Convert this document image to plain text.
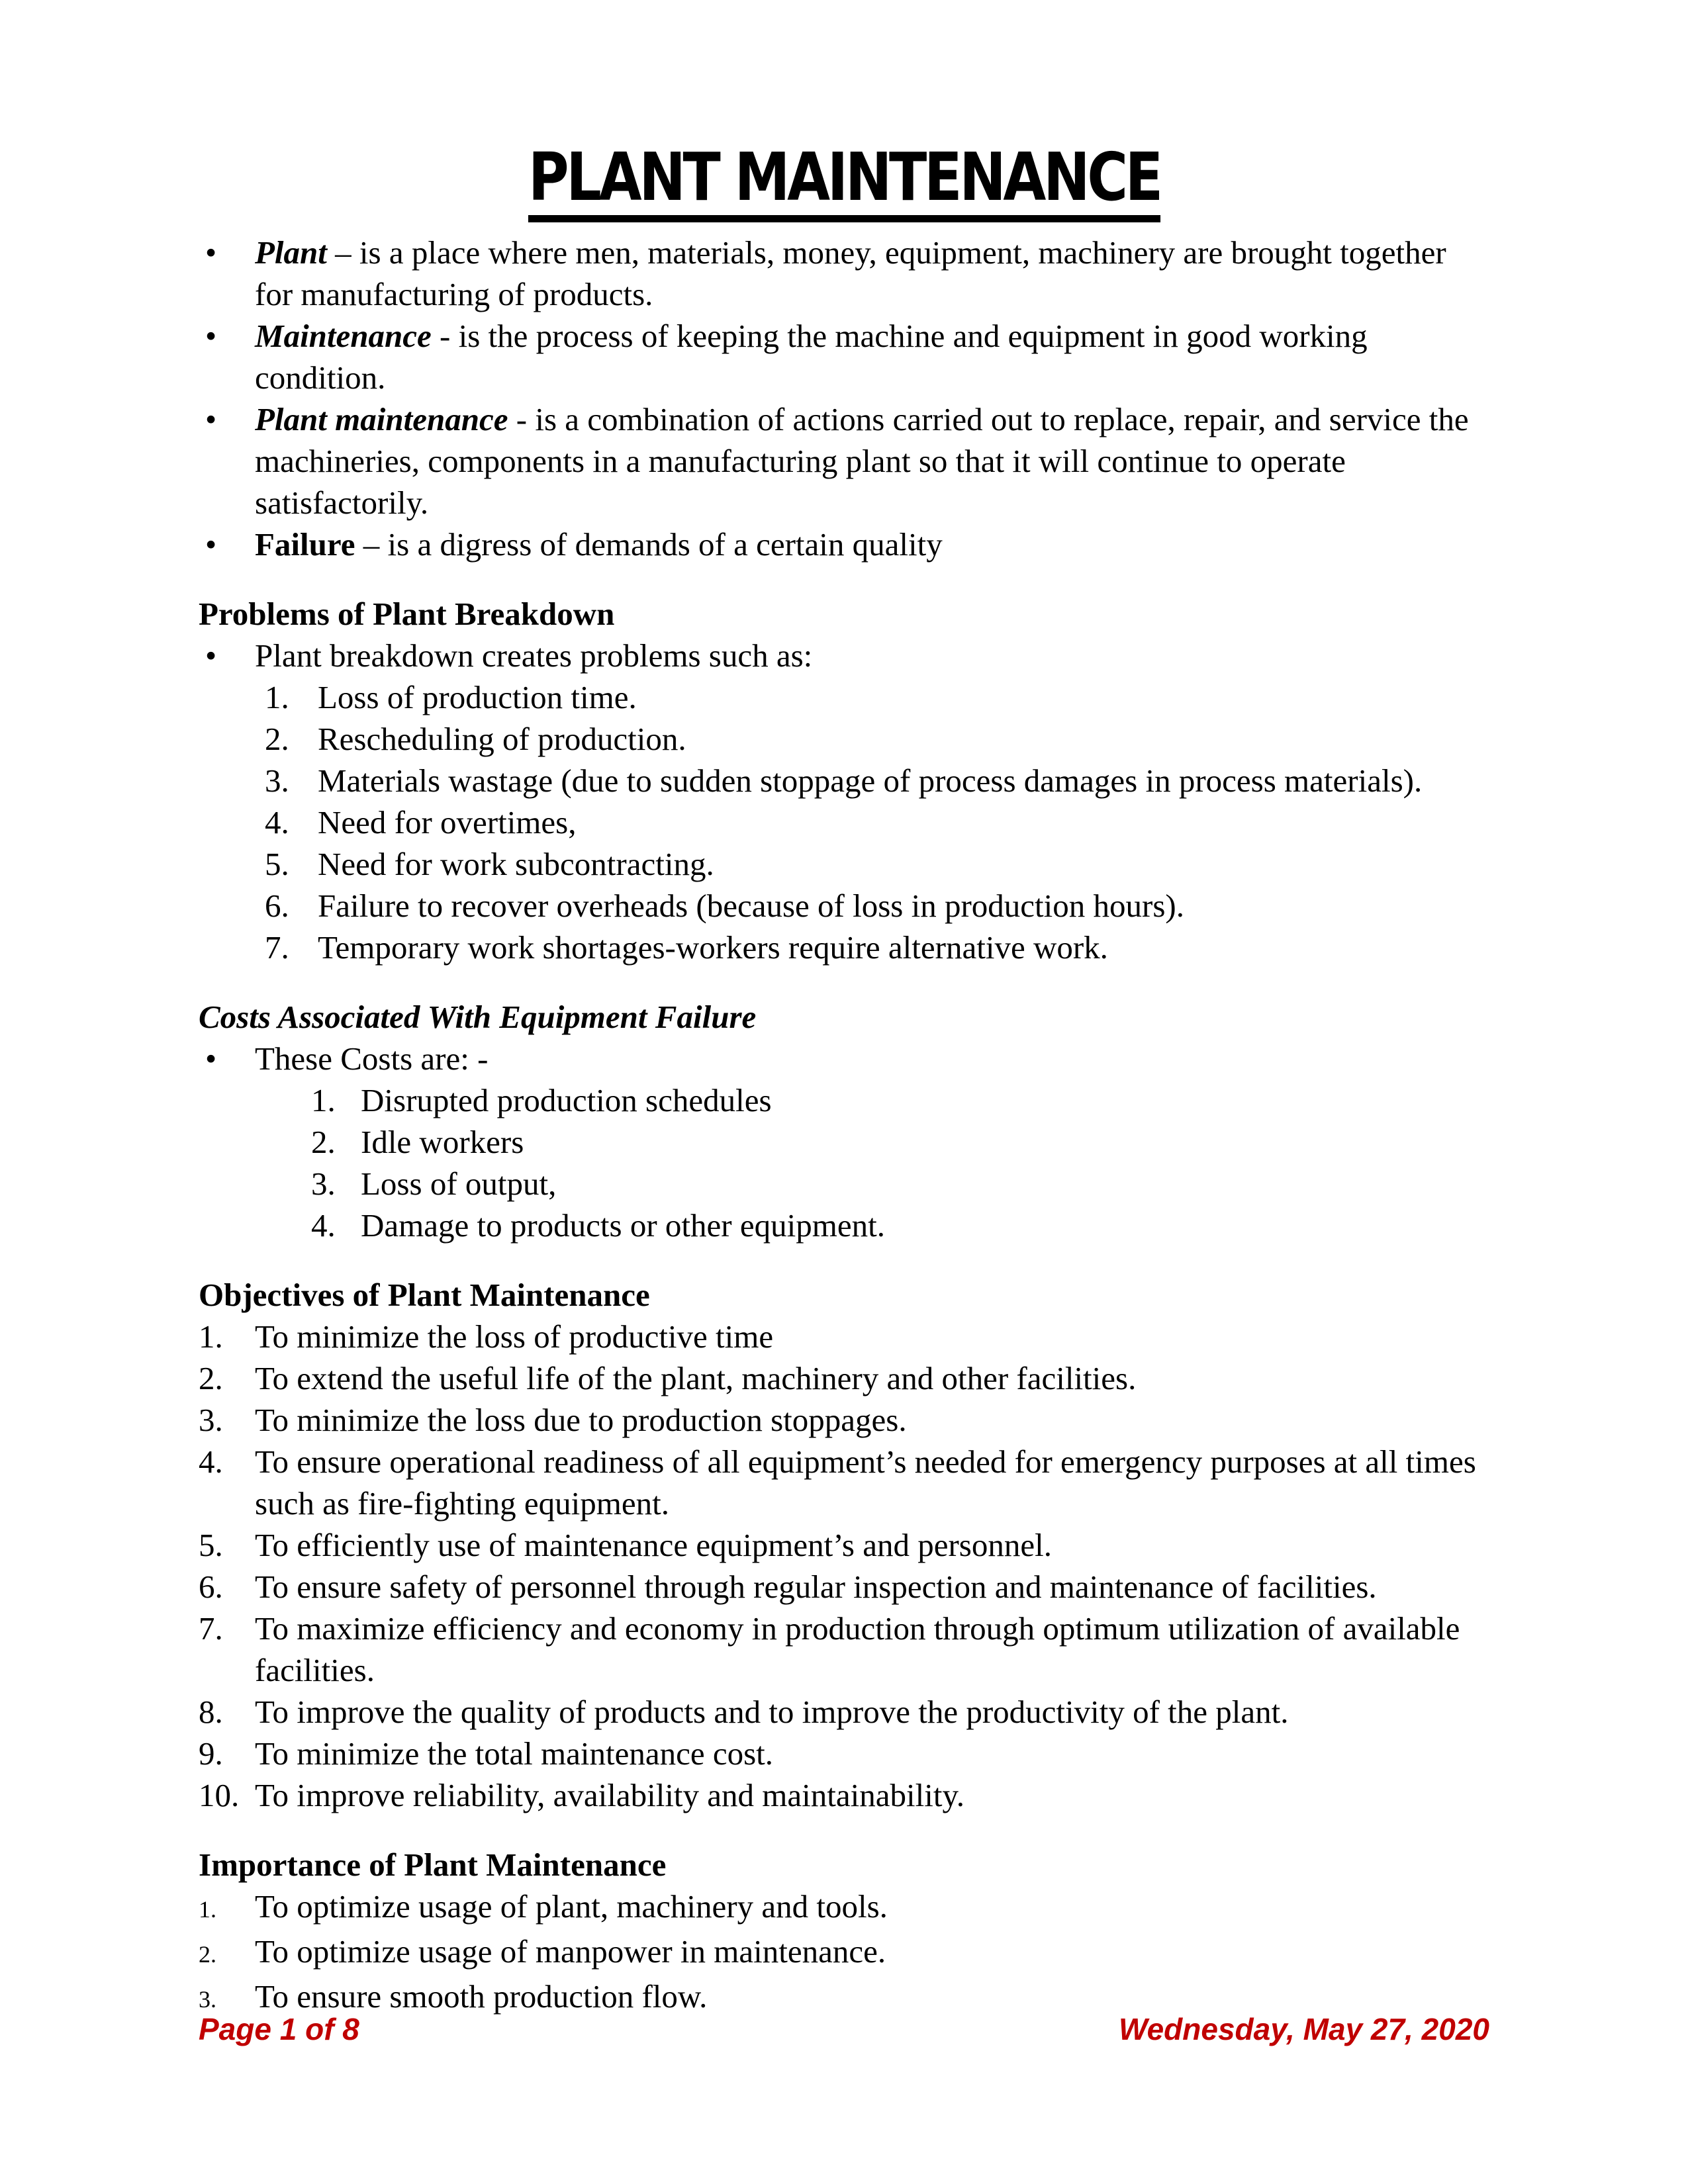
PLANT MAINTENANCE
•	Plant – is a place where men, materials, money, equipment, machinery are brought together for manufacturing of products.
•	Maintenance - is the process of keeping the machine and equipment in good working condition.
•	Plant maintenance - is a combination of actions carried out to replace, repair, and service the machineries, components in a manufacturing plant so that it will continue to operate satisfactorily.
•	Failure – is a digress of demands of a certain quality
Problems of Plant Breakdown
•	Plant breakdown creates problems such as:
1. Loss of production time.
2. Rescheduling of production.
3. Materials wastage (due to sudden stoppage of process damages in process materials).
4. Need for overtimes,
5. Need for work subcontracting.
6. Failure to recover overheads (because of loss in production hours).
7. Temporary work shortages-workers require alternative work.
Costs Associated With Equipment Failure
•	These Costs are: -
1. Disrupted production schedules
2. Idle workers
3. Loss of output,
4. Damage to products or other equipment.
Objectives of Plant Maintenance
1. To minimize the loss of productive time
2. To extend the useful life of the plant, machinery and other facilities.
3. To minimize the loss due to production stoppages.
4. To ensure operational readiness of all equipment’s needed for emergency purposes at all times such as fire-fighting equipment.
5. To efficiently use of maintenance equipment’s and personnel.
6. To ensure safety of personnel through regular inspection and maintenance of facilities.
7. To maximize efficiency and economy in production through optimum utilization of available facilities.
8. To improve the quality of products and to improve the productivity of the plant.
9. To minimize the total maintenance cost.
10. To improve reliability, availability and maintainability.
Importance of Plant Maintenance
1.	To optimize usage of plant, machinery and tools.
2.	To optimize usage of manpower in maintenance.
3.	To ensure smooth production flow.
Page 1 of 8	Wednesday, May 27, 2020
